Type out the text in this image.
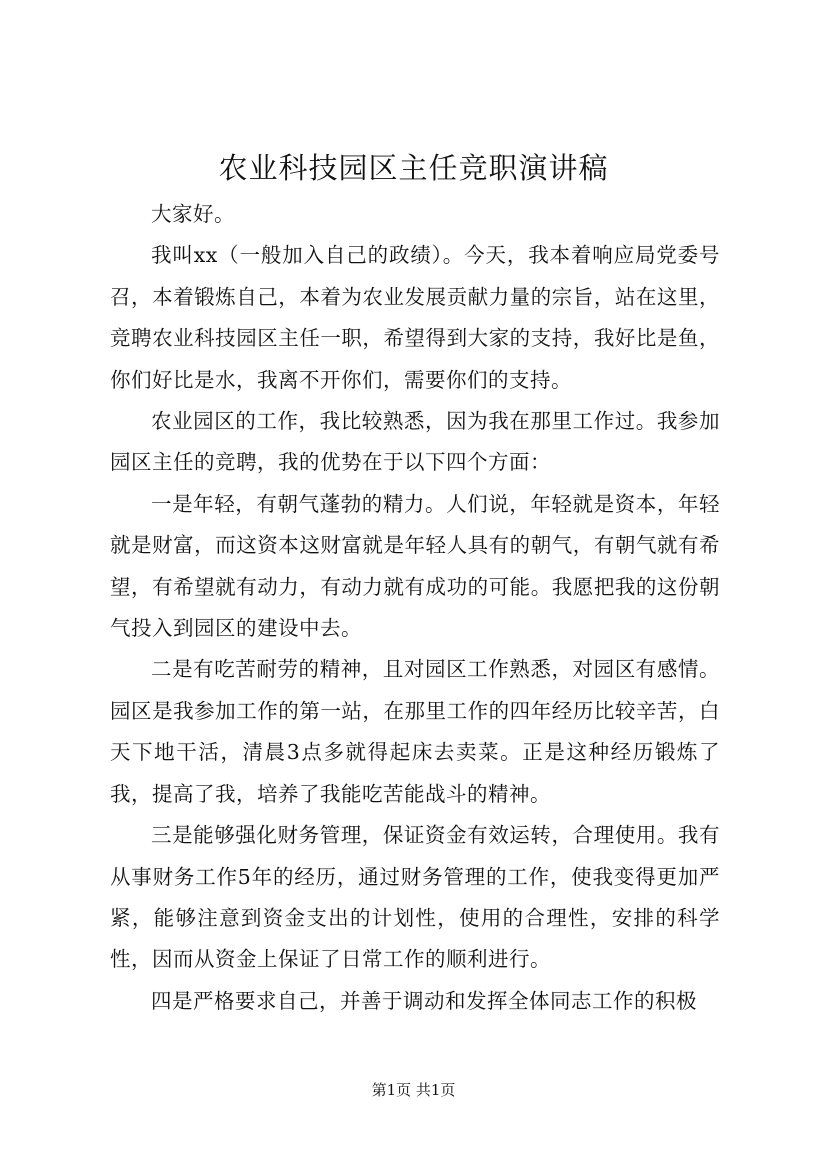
农业科技园区主任竞职演讲稿

大家好。

我叫xx（一般加入自己的政绩）。今天，我本着响应局党委号召，本着锻炼自己，本着为农业发展贡献力量的宗旨，站在这里，竞聘农业科技园区主任一职，希望得到大家的支持，我好比是鱼，你们好比是水，我离不开你们，需要你们的支持。

农业园区的工作，我比较熟悉，因为我在那里工作过。我参加园区主任的竞聘，我的优势在于以下四个方面：

一是年轻，有朝气蓬勃的精力。人们说，年轻就是资本，年轻就是财富，而这资本这财富就是年轻人具有的朝气，有朝气就有希望，有希望就有动力，有动力就有成功的可能。我愿把我的这份朝气投入到园区的建设中去。

二是有吃苦耐劳的精神，且对园区工作熟悉，对园区有感情。园区是我参加工作的第一站，在那里工作的四年经历比较辛苦，白天下地干活，清晨3点多就得起床去卖菜。正是这种经历锻炼了我，提高了我，培养了我能吃苦能战斗的精神。

三是能够强化财务管理，保证资金有效运转，合理使用。我有从事财务工作5年的经历，通过财务管理的工作，使我变得更加严紧，能够注意到资金支出的计划性，使用的合理性，安排的科学性，因而从资金上保证了日常工作的顺利进行。

四是严格要求自己，并善于调动和发挥全体同志工作的积极

第1页 共1页
